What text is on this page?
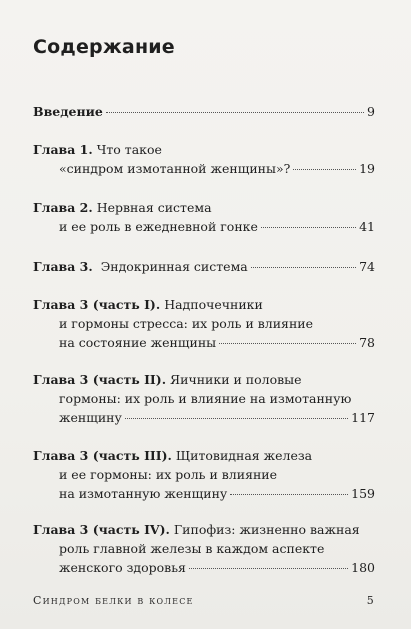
Содержание
Введение	9
Глава 1. Что такое
«синдром измотанной женщины»?	19
Глава 2. Нервная система
и ее роль в ежедневной гонке	41
Глава 3. Эндокринная система	74
Глава 3 (часть I). Надпочечники
и гормоны стресса: их роль и влияние
на состояние женщины	78
Глава 3 (часть II). Яичники и половые
гормоны: их роль и влияние на измотанную
женщину	117
Глава 3 (часть III). Щитовидная железа
и ее гормоны: их роль и влияние
на измотанную женщину	159
Глава 3 (часть IV). Гипофиз: жизненно важная
роль главной железы в каждом аспекте
женского здоровья	180
Синдром белки в колесе	5
